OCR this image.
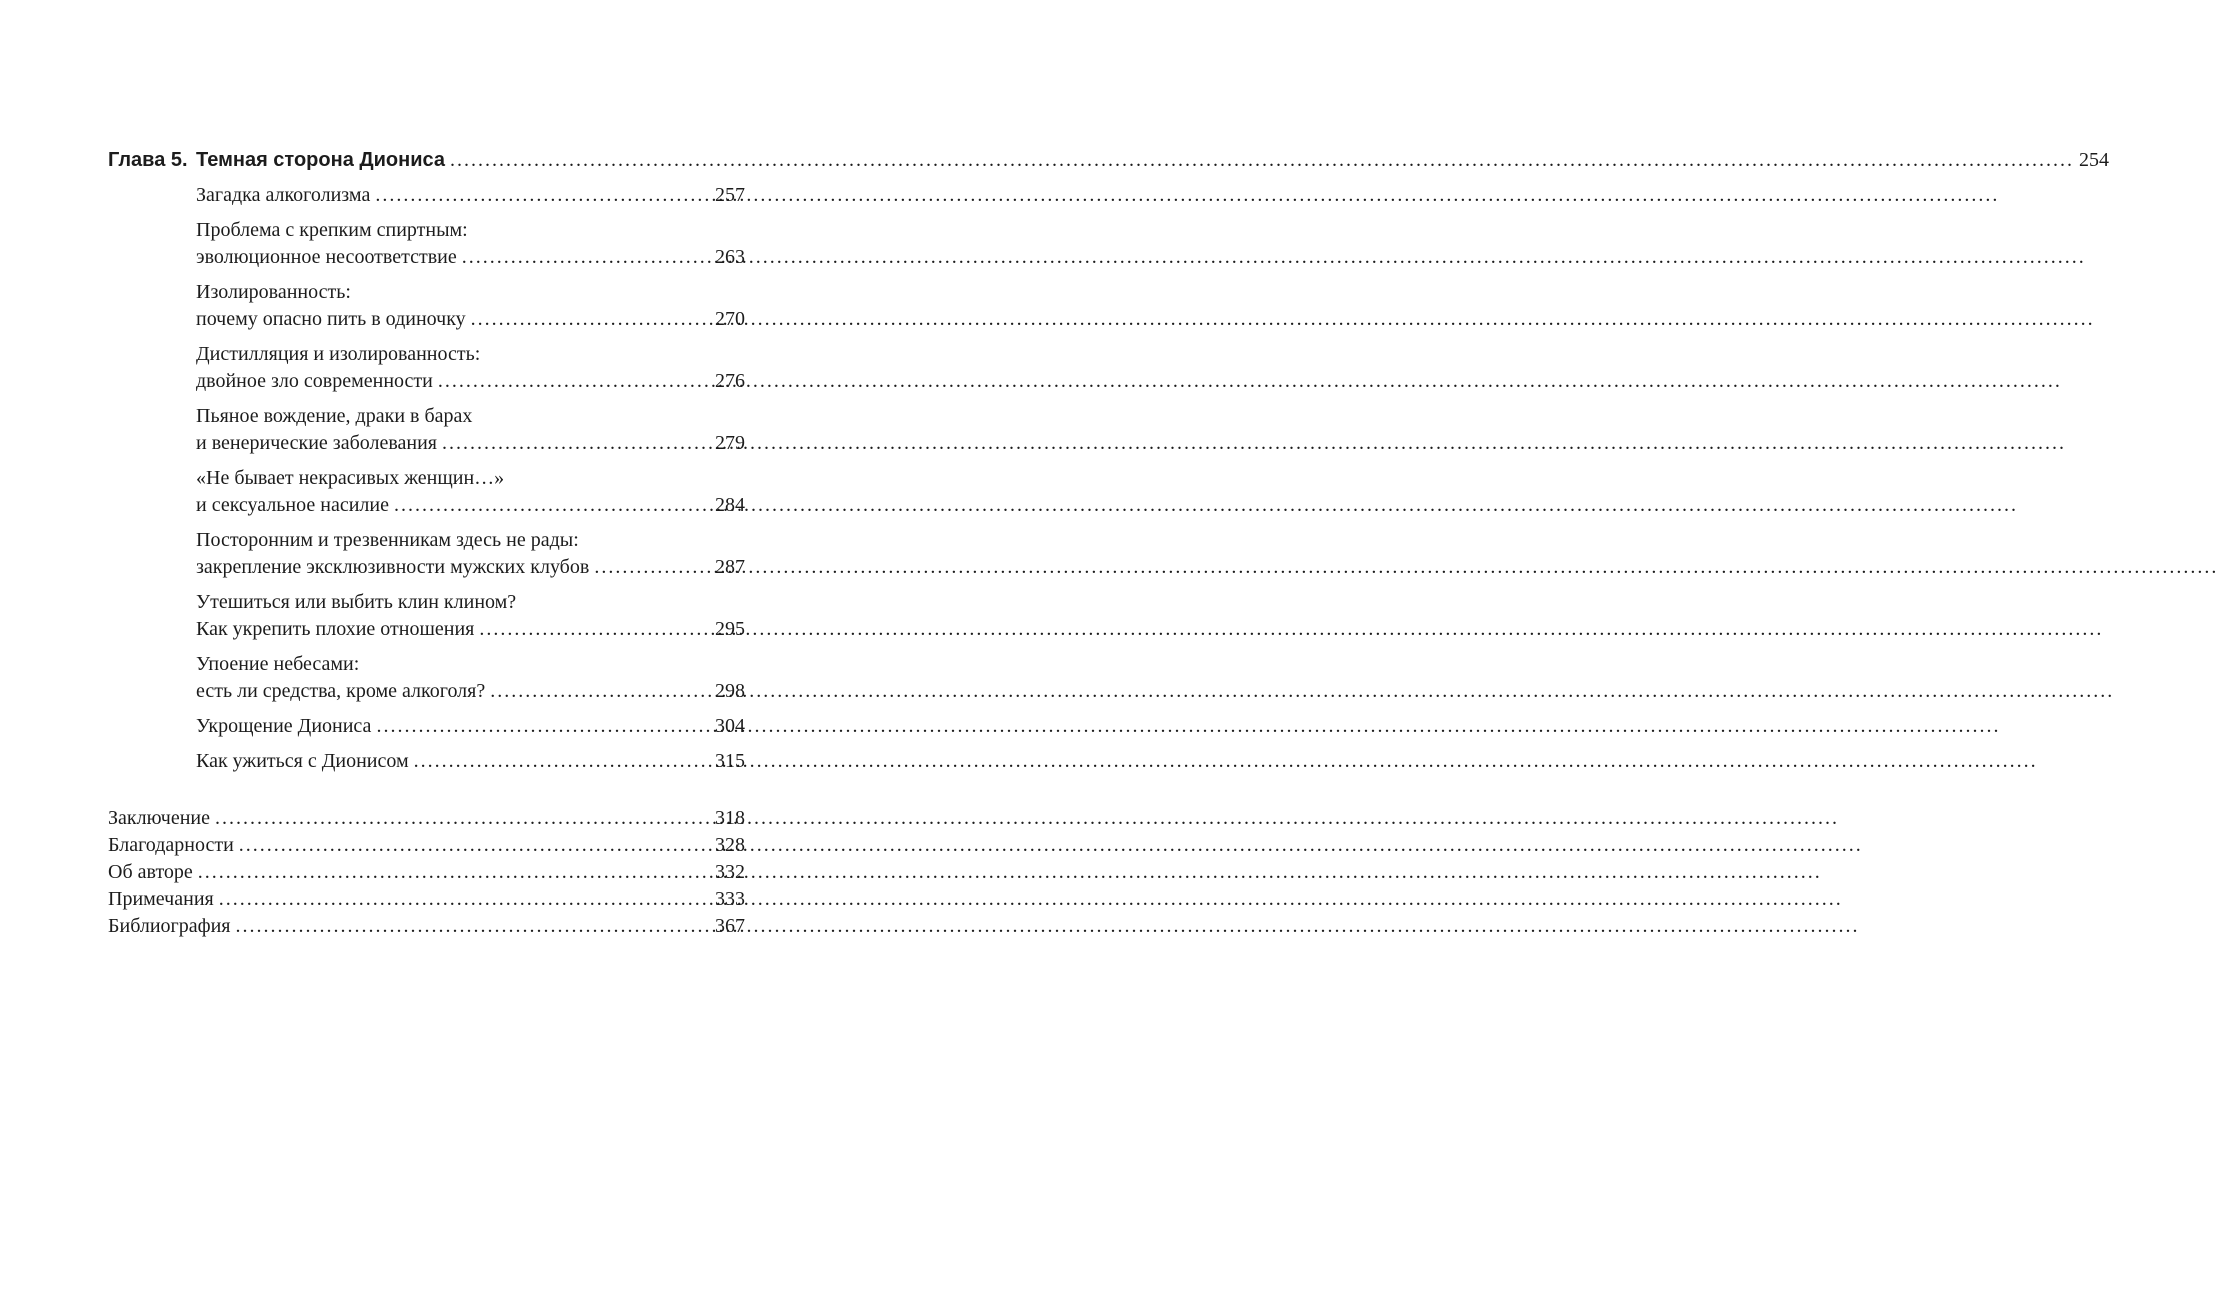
Глава 5. Темная сторона Диониса .....	254
Загадка алкоголизма .....	257
Проблема с крепким спиртным:
эволюционное несоответствие .....	263
Изолированность:
почему опасно пить в одиночку .....	270
Дистилляция и изолированность:
двойное зло современности .....	276
Пьяное вождение, драки в барах
и венерические заболевания .....	279
«Не бывает некрасивых женщин…»
и сексуальное насилие .....	284
Посторонним и трезвенникам здесь не рады:
закрепление эксклюзивности мужских клубов .....	287
Утешиться или выбить клин клином?
Как укрепить плохие отношения .....	295
Упоение небесами:
есть ли средства, кроме алкоголя? .....	298
Укрощение Диониса .....	304
Как ужиться с Дионисом .....	315
Заключение .....	318
Благодарности .....	328
Об авторе .....	332
Примечания .....	333
Библиография .....	367
